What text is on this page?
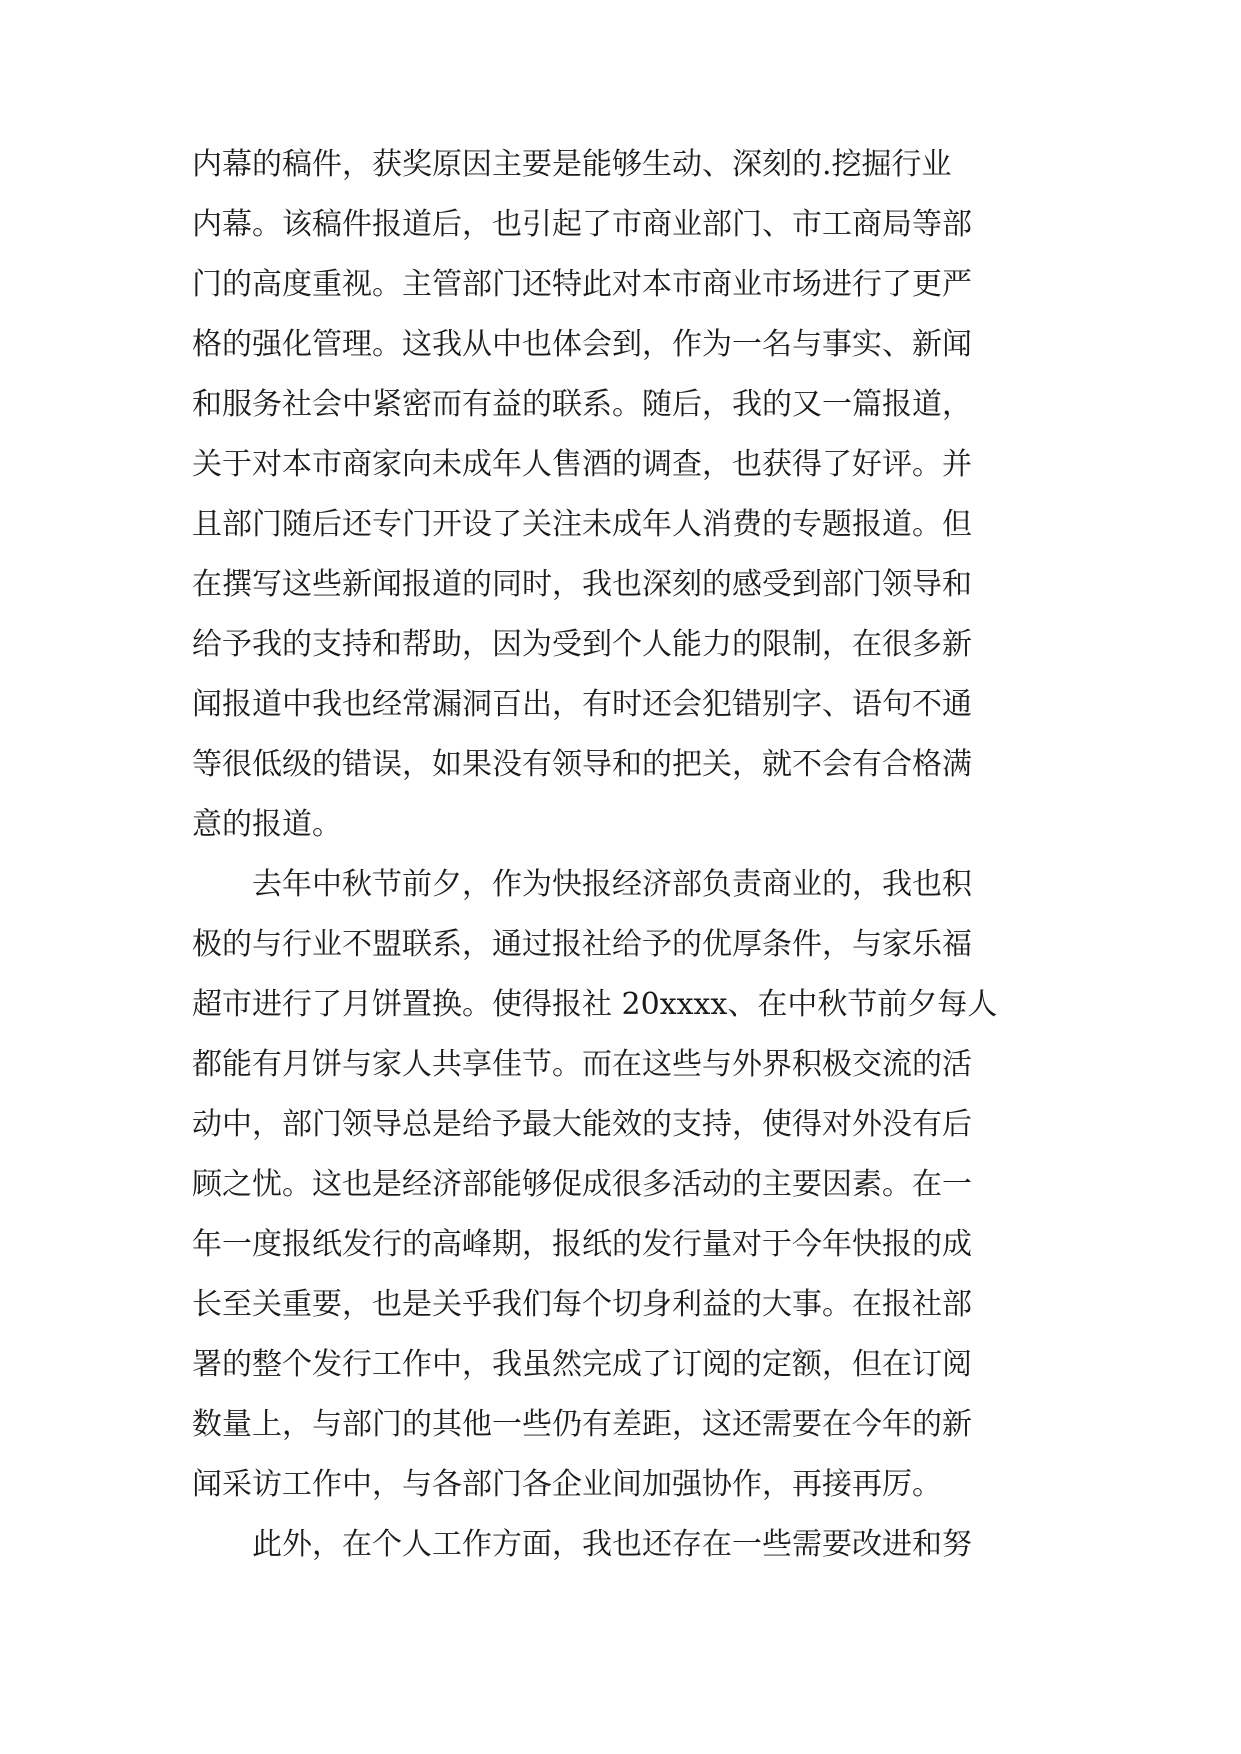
内幕的稿件，获奖原因主要是能够生动、深刻的.挖掘行业
内幕。该稿件报道后，也引起了市商业部门、市工商局等部
门的高度重视。主管部门还特此对本市商业市场进行了更严
格的强化管理。这我从中也体会到，作为一名与事实、新闻
和服务社会中紧密而有益的联系。随后，我的又一篇报道，
关于对本市商家向未成年人售酒的调查，也获得了好评。并
且部门随后还专门开设了关注未成年人消费的专题报道。但
在撰写这些新闻报道的同时，我也深刻的感受到部门领导和
给予我的支持和帮助，因为受到个人能力的限制，在很多新
闻报道中我也经常漏洞百出，有时还会犯错别字、语句不通
等很低级的错误，如果没有领导和的把关，就不会有合格满
意的报道。
　　去年中秋节前夕，作为快报经济部负责商业的，我也积
极的与行业不盟联系，通过报社给予的优厚条件，与家乐福
超市进行了月饼置换。使得报社 20xxxx、在中秋节前夕每人
都能有月饼与家人共享佳节。而在这些与外界积极交流的活
动中，部门领导总是给予最大能效的支持，使得对外没有后
顾之忧。这也是经济部能够促成很多活动的主要因素。在一
年一度报纸发行的高峰期，报纸的发行量对于今年快报的成
长至关重要，也是关乎我们每个切身利益的大事。在报社部
署的整个发行工作中，我虽然完成了订阅的定额，但在订阅
数量上，与部门的其他一些仍有差距，这还需要在今年的新
闻采访工作中，与各部门各企业间加强协作，再接再厉。
　　此外，在个人工作方面，我也还存在一些需要改进和努
